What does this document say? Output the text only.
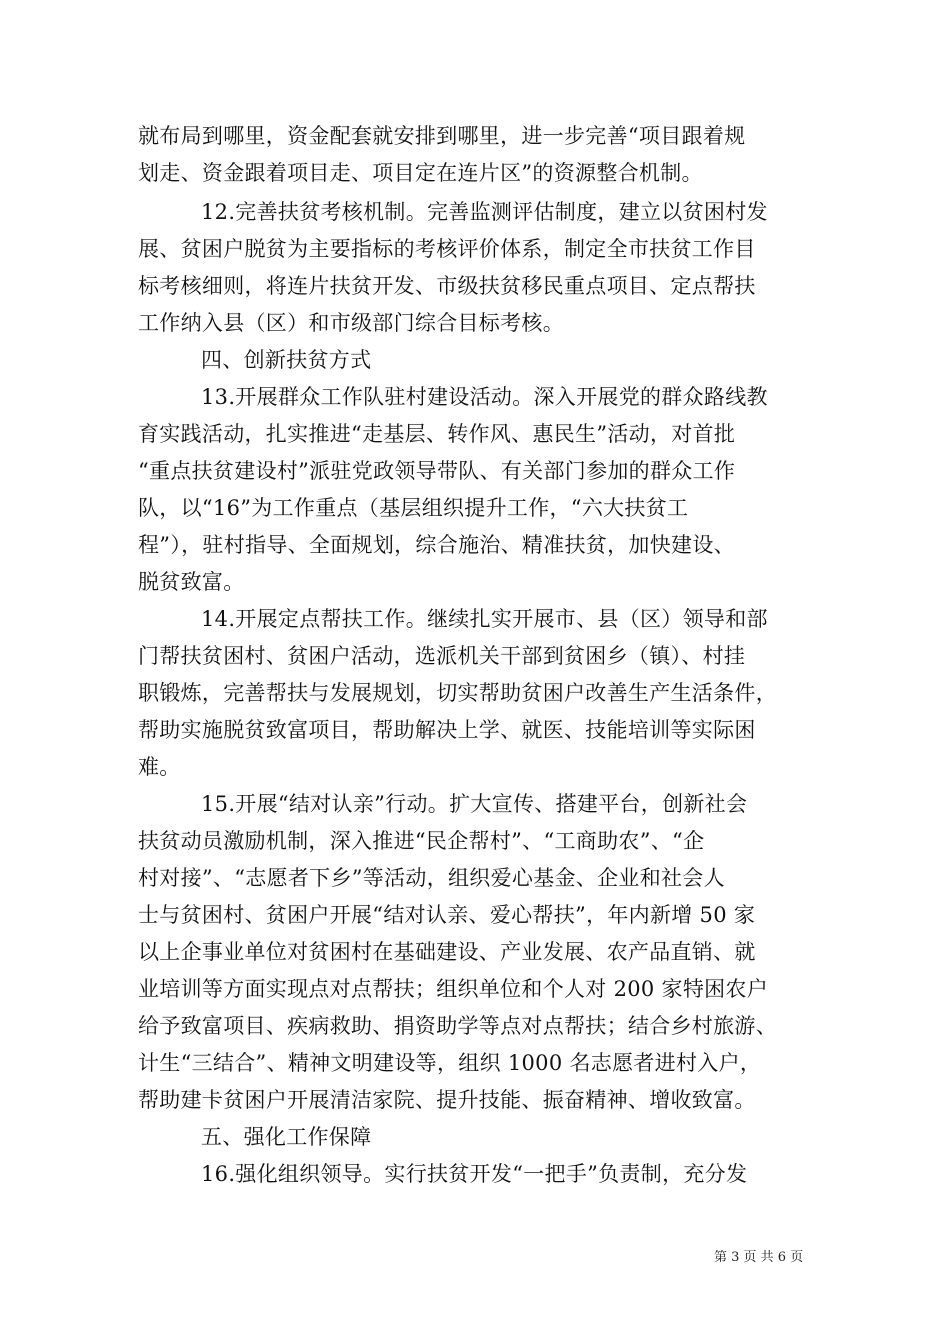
就布局到哪里，资金配套就安排到哪里，进一步完善“项目跟着规
划走、资金跟着项目走、项目定在连片区”的资源整合机制。
12.完善扶贫考核机制。完善监测评估制度，建立以贫困村发
展、贫困户脱贫为主要指标的考核评价体系，制定全市扶贫工作目
标考核细则，将连片扶贫开发、市级扶贫移民重点项目、定点帮扶
工作纳入县（区）和市级部门综合目标考核。
四、创新扶贫方式
13.开展群众工作队驻村建设活动。深入开展党的群众路线教
育实践活动，扎实推进“走基层、转作风、惠民生”活动，对首批
“重点扶贫建设村”派驻党政领导带队、有关部门参加的群众工作
队，以“16”为工作重点（基层组织提升工作，“六大扶贫工
程”），驻村指导、全面规划，综合施治、精准扶贫，加快建设、
脱贫致富。
14.开展定点帮扶工作。继续扎实开展市、县（区）领导和部
门帮扶贫困村、贫困户活动，选派机关干部到贫困乡（镇）、村挂
职锻炼，完善帮扶与发展规划，切实帮助贫困户改善生产生活条件，
帮助实施脱贫致富项目，帮助解决上学、就医、技能培训等实际困
难。
15.开展“结对认亲”行动。扩大宣传、搭建平台，创新社会
扶贫动员激励机制，深入推进“民企帮村”、“工商助农”、“企
村对接”、“志愿者下乡”等活动，组织爱心基金、企业和社会人
士与贫困村、贫困户开展“结对认亲、爱心帮扶”，年内新增 50 家
以上企事业单位对贫困村在基础建设、产业发展、农产品直销、就
业培训等方面实现点对点帮扶；组织单位和个人对 200 家特困农户
给予致富项目、疾病救助、捐资助学等点对点帮扶；结合乡村旅游、
计生“三结合”、精神文明建设等，组织 1000 名志愿者进村入户，
帮助建卡贫困户开展清洁家院、提升技能、振奋精神、增收致富。
五、强化工作保障
16.强化组织领导。实行扶贫开发“一把手”负责制，充分发
第 3 页 共 6 页
